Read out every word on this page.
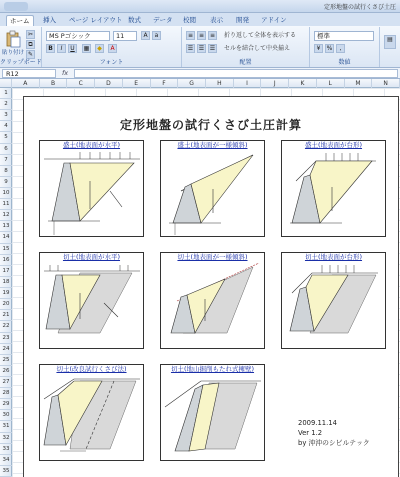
定形地盤の試行くさび土圧
ホーム	挿入	ページ レイアウト 数式	データ	校閲	表示	開発	アドイン
貼り付け
✂
⧉
✎
クリップボード
MS Pゴシック	11	A	a
B	I	U	▦	◆	A
フォント
≡ ≡ ≡
☰ ☰ ☰
折り返して全体を表示する
セルを結合して中央揃え
配置
標準
¥	%	,
数値
▤
R12	fx
A	B	C	D	E	F	G	H	I	J	K	L	M	N
1
2
3
4
5
6
7
8
9
10
11
12
13
14
15
16
17
18
19
20
21
22
23
24
25
26
27
28
29
30
31
32
33
34
35
定形地盤の試行くさび土圧計算
盛土(地表面が水平)	盛土(地表面が一様傾斜)	盛土(地表面が台形)
切土(地表面が水平)	切土(地表面が一様傾斜)	切土(地表面が台形)
切土(改良試行くさび法)	切土(地山掘削もたれ式擁壁)
2009.11.14
Ver 1.2
by 沖沖のシビルテック
